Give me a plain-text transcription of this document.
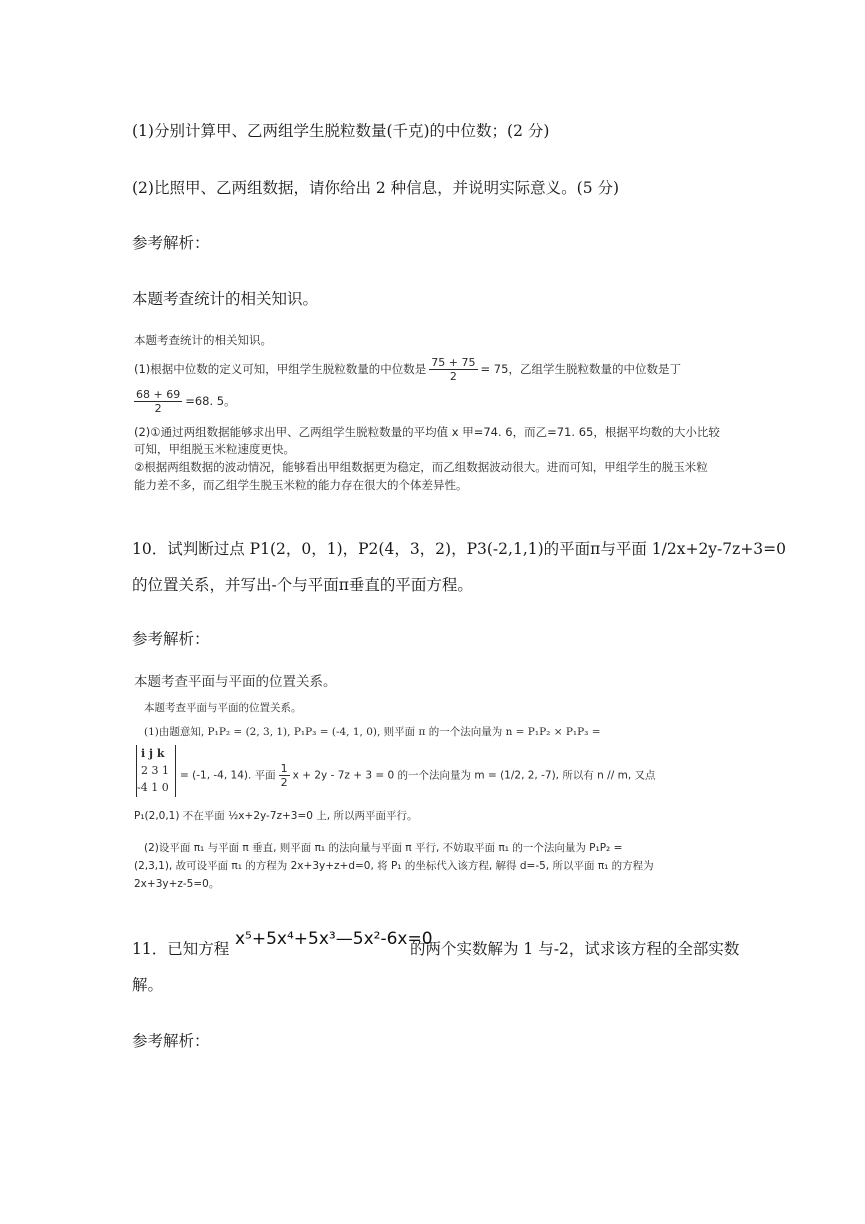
(1)分别计算甲、乙两组学生脱粒数量(千克)的中位数；(2 分)
(2)比照甲、乙两组数据，请你给出 2 种信息，并说明实际意义。(5 分)
参考解析：
本题考查统计的相关知识。
本题考查统计的相关知识。
(1)根据中位数的定义可知，甲组学生脱粒数量的中位数是 $\frac{75 + 75}{2} = 75$，乙组学生脱粒数量的中位数是丁
$\frac{68 + 69}{2} =68$. 5。
(2)①通过两组数据能够求出甲、乙两组学生脱粒数量的平均值 x 甲=74. 6，而乙=71. 65，根据平均数的大小比较
可知，甲组脱玉米粒速度更快。
②根据两组数据的波动情况，能够看出甲组数据更为稳定，而乙组数据波动很大。进而可知，甲组学生的脱玉米粒
能力差不多，而乙组学生脱玉米粒的能力存在很大的个体差异性。
10．试判断过点 P1(2，0，1)，P2(4，3，2)，P3(-2,1,1)的平面π与平面 1/2x+2y-7z+3=0
的位置关系，并写出-个与平面π垂直的平面方程。
参考解析：
本题考查平面与平面的位置关系。
本题考查平面与平面的位置关系。
(1)由题意知, P₁P₂ = (2, 3, 1), P₁P₃ = (-4, 1, 0), 则平面 π 的一个法向量为 n = P₁P₂ × P₁P₃ =
i j k
2 3 1
-4 1 0
= (-1, -4, 14). 平面 $\frac{1}{2}$ x + 2y - 7z + 3 = 0 的一个法向量为 m = (1/2, 2, -7), 所以有 n // m, 又点
P₁(2,0,1) 不在平面 ½x+2y-7z+3=0 上, 所以两平面平行。
(2)设平面 π₁ 与平面 π 垂直, 则平面 π₁ 的法向量与平面 π 平行, 不妨取平面 π₁ 的一个法向量为 P₁P₂ =
(2,3,1), 故可设平面 π₁ 的方程为 2x+3y+z+d=0, 将 P₁ 的坐标代入该方程, 解得 d=-5, 所以平面 π₁ 的方程为
2x+3y+z-5=0。
11．已知方程 x⁵+5x⁴+5x³—5x²-6x=0
的两个实数解为 1 与-2，试求该方程的全部实数
解。
参考解析：
